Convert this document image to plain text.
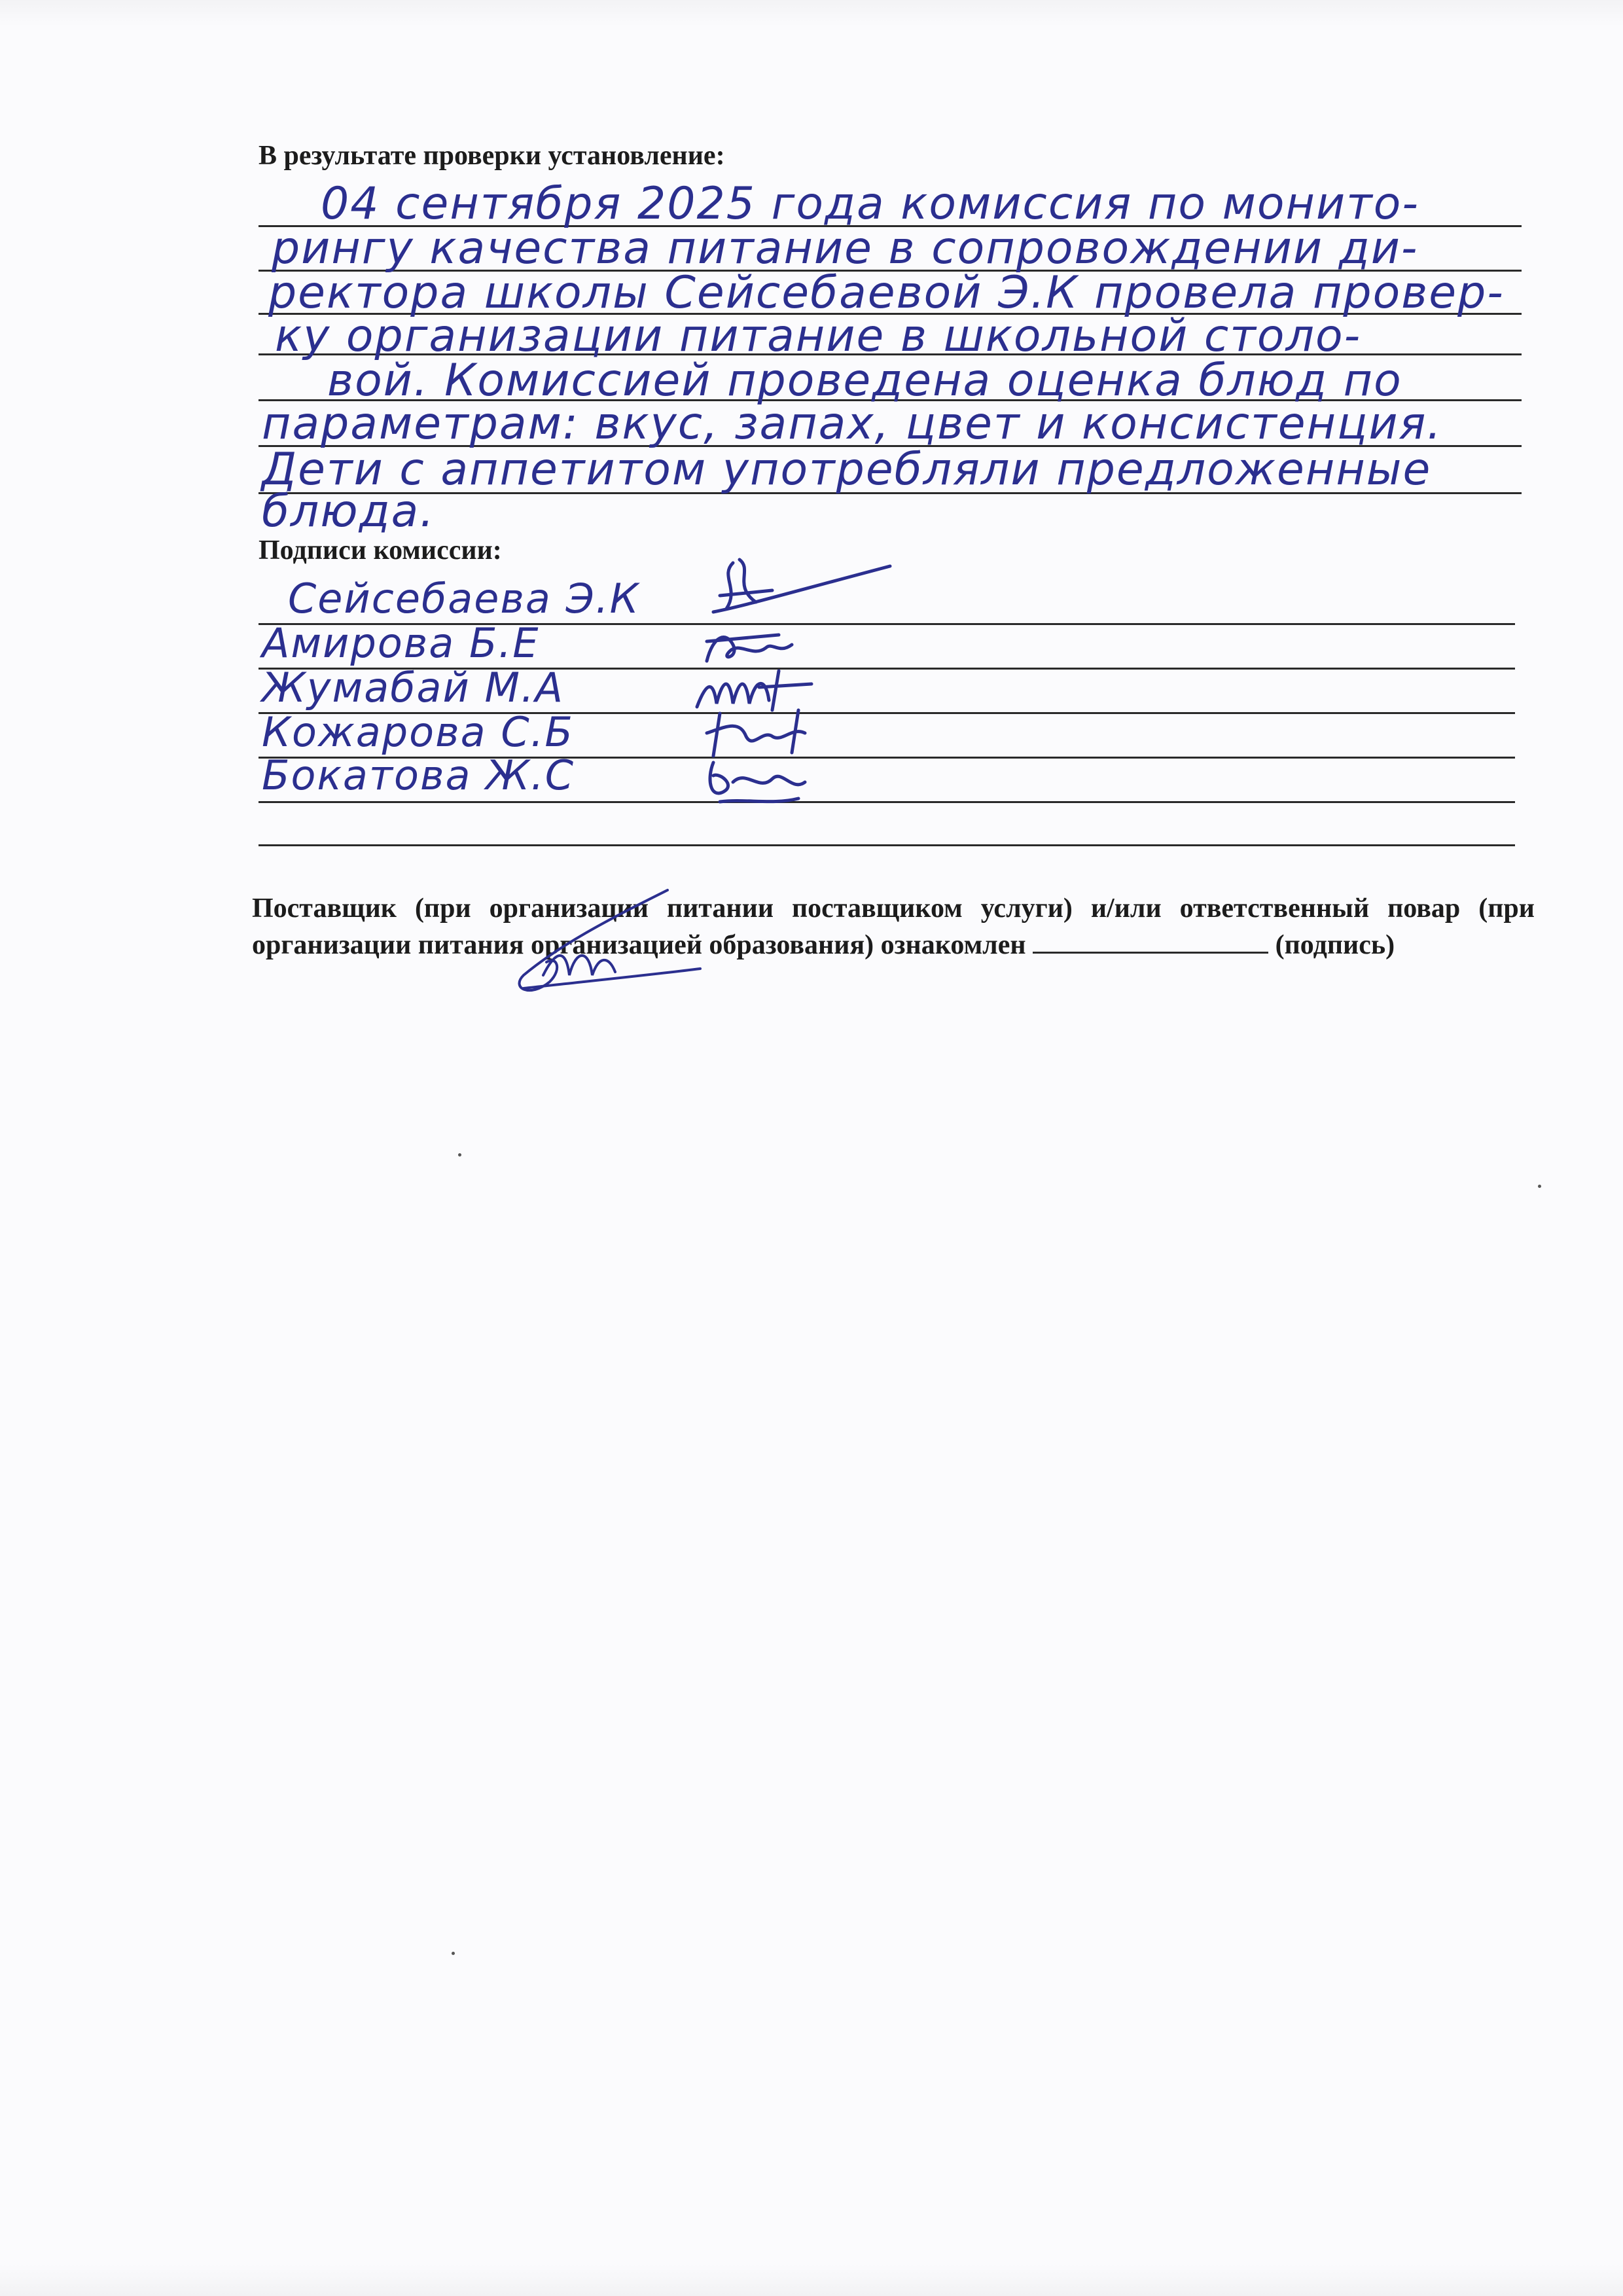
В результате проверки установление:
04 сентября 2025 года комиссия по монито-
рингу качества питание в сопровождении ди-
ректора школы Сейсебаевой Э.К провела провер-
ку организации питание в школьной столо-
вой. Комиссией проведена оценка блюд по
параметрам: вкус, запах, цвет и консистенция.
Дети с аппетитом употребляли предложенные
блюда.
Подписи комиссии:
Сейсебаева Э.К
Амирова Б.Е
Жумабай М.А
Кожарова С.Б
Бокатова Ж.С
Поставщик (при организации питании поставщиком услуги) и/или ответственный повар (при организации питания организацией образования) ознакомлен	(подпись)
